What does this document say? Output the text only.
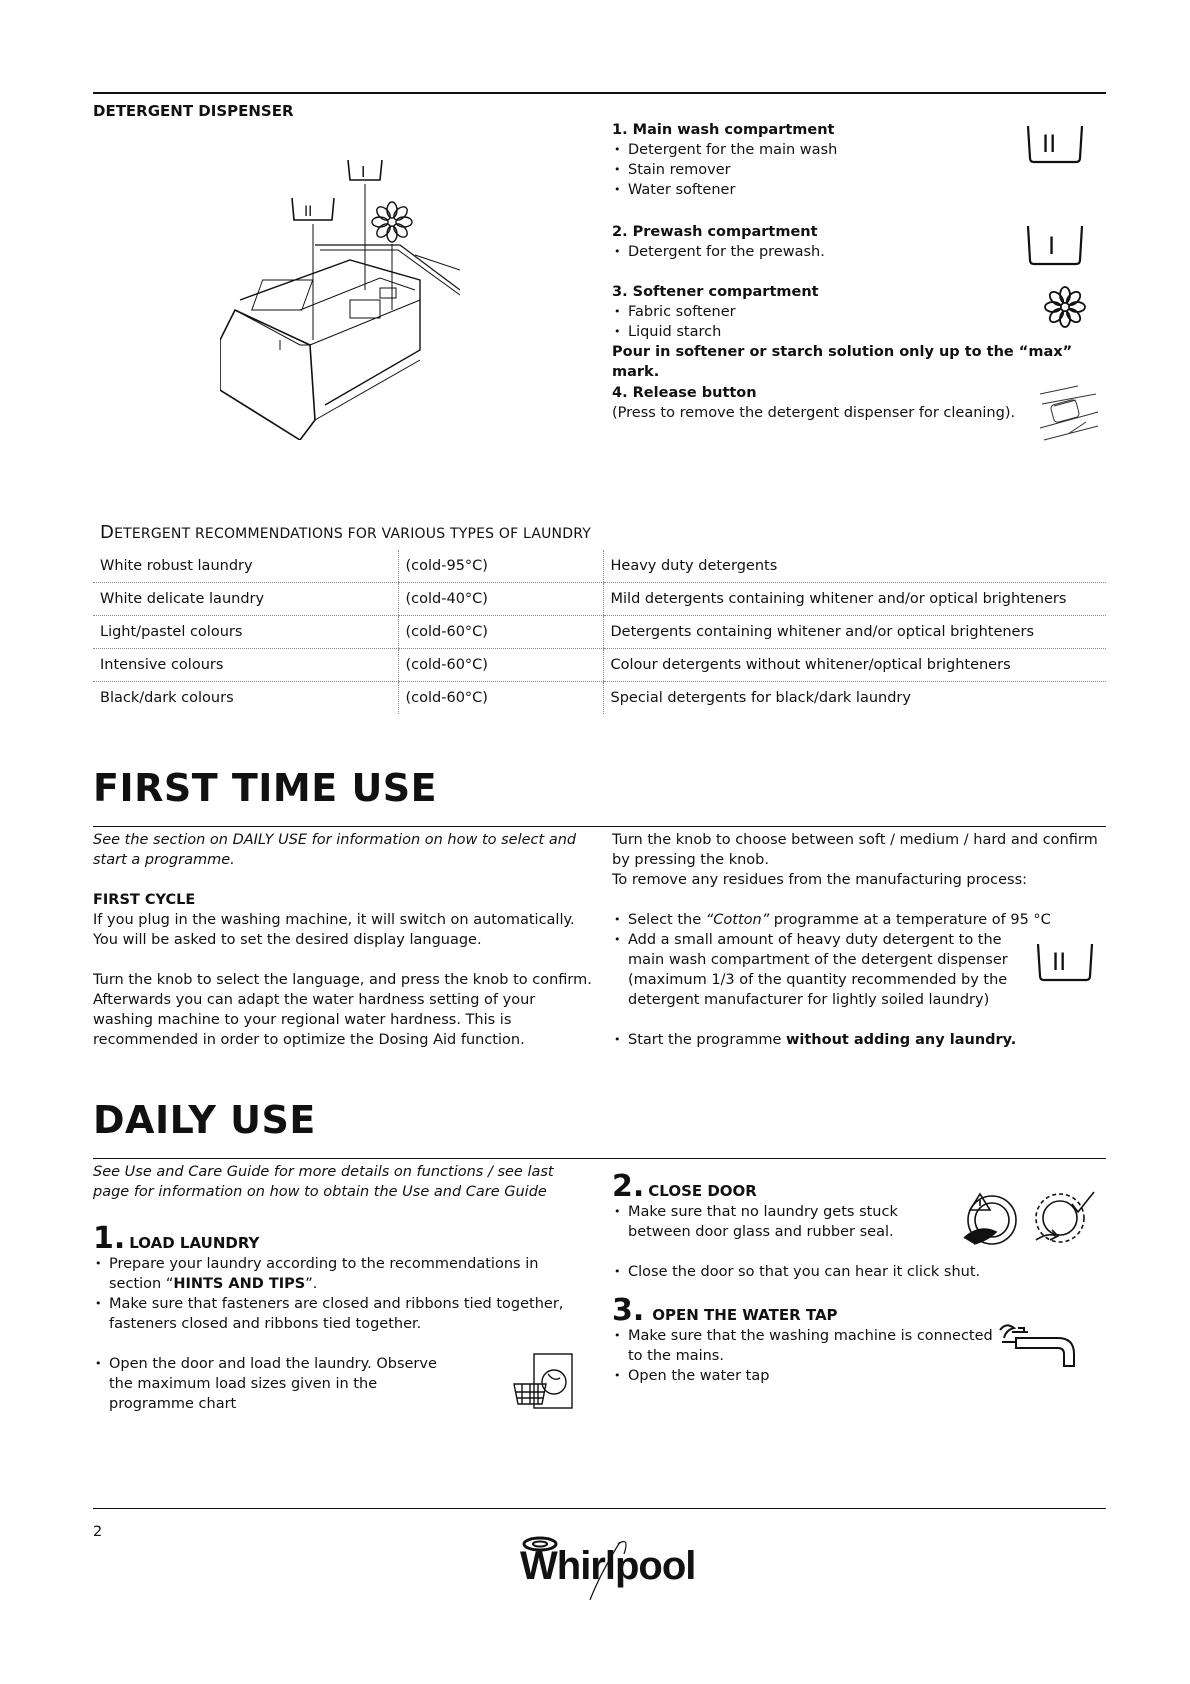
DETERGENT DISPENSER
I
II
1. Main wash compartment
• Detergent for the main wash
• Stain remover
• Water softener
II
2. Prewash compartment
• Detergent for the prewash.	I
3. Softener compartment
• Fabric softener
• Liquid starch
Pour in softener or starch solution only up to the “max” mark.
4. Release button
(Press to remove the detergent dispenser for cleaning).
DETERGENT RECOMMENDATIONS FOR VARIOUS TYPES OF LAUNDRY
White robust laundry	(cold-95°C)	Heavy duty detergents
White delicate laundry	(cold-40°C)	Mild detergents containing whitener and/or optical brighteners
Light/pastel colours	(cold-60°C)	Detergents containing whitener and/or optical brighteners
Intensive colours	(cold-60°C)	Colour detergents without whitener/optical brighteners
Black/dark colours	(cold-60°C)	Special detergents for black/dark laundry
FIRST TIME USE
See the section on DAILY USE for information on how to select and start a programme.
FIRST CYCLE
If you plug in the washing machine, it will switch on automatically. You will be asked to set the desired display language.
Turn the knob to select the language, and press the knob to confirm. Afterwards you can adapt the water hardness setting of your washing machine to your regional water hardness. This is recommended in order to optimize the Dosing Aid function.
Turn the knob to choose between soft / medium / hard and confirm by pressing the knob.
To remove any residues from the manufacturing process:
• Select the “Cotton” programme at a temperature of 95 °C
• Add a small amount of heavy duty detergent to the main wash compartment of the detergent dispenser (maximum 1/3 of the quantity recommended by the detergent manufacturer for lightly soiled laundry)
• Start the programme without adding any laundry.
II
DAILY USE
See Use and Care Guide for more details on functions / see last page for information on how to obtain the Use and Care Guide
1. LOAD LAUNDRY
• Prepare your laundry according to the recommendations in section “HINTS AND TIPS”.
• Make sure that fasteners are closed and ribbons tied together, fasteners closed and ribbons tied together.
• Open the door and load the laundry. Observe the maximum load sizes given in the programme chart
2. CLOSE DOOR
• Make sure that no laundry gets stuck between door glass and rubber seal.
• Close the door so that you can hear it click shut.
3. OPEN THE WATER TAP
• Make sure that the washing machine is connected to the mains.
• Open the water tap
2
Whirlpool
